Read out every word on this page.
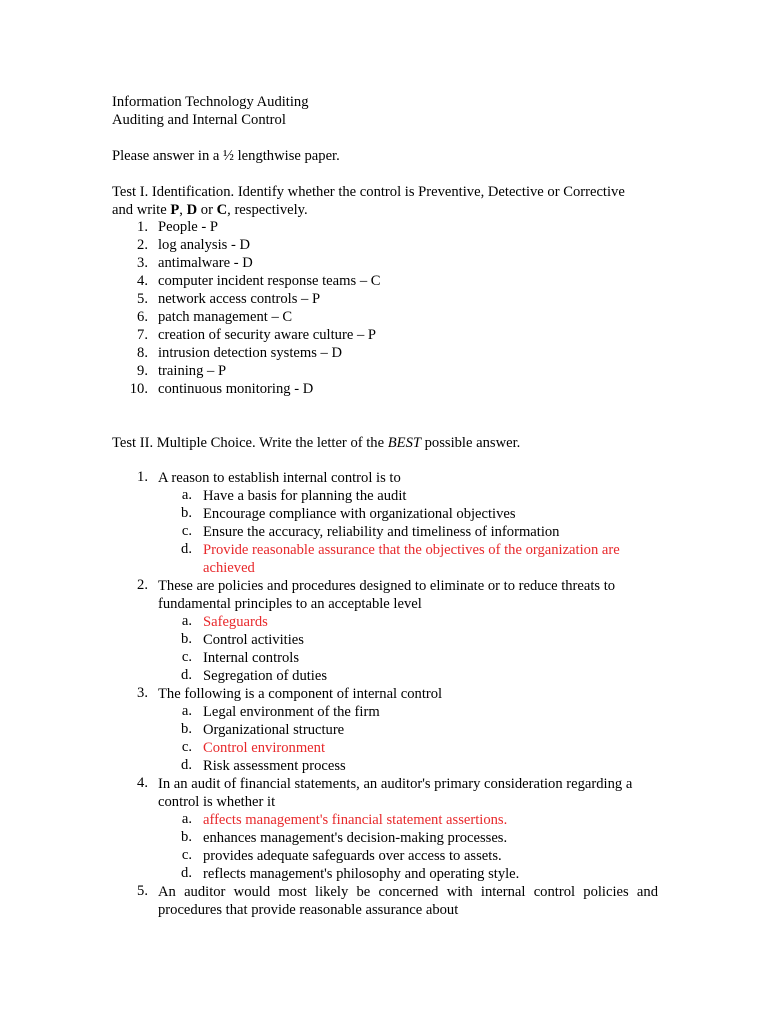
Information Technology Auditing
Auditing and Internal Control
Please answer in a ½ lengthwise paper.
Test I. Identification. Identify whether the control is Preventive, Detective or Corrective
and write P, D or C, respectively.
1. People - P
2. log analysis - D
3. antimalware - D
4. computer incident response teams – C
5. network access controls – P
6. patch management – C
7. creation of security aware culture – P
8. intrusion detection systems – D
9. training – P
10. continuous monitoring - D
Test II. Multiple Choice. Write the letter of the BEST possible answer.
1. A reason to establish internal control is to
a. Have a basis for planning the audit
b. Encourage compliance with organizational objectives
c. Ensure the accuracy, reliability and timeliness of information
d. Provide reasonable assurance that the objectives of the organization are achieved
2. These are policies and procedures designed to eliminate or to reduce threats to fundamental principles to an acceptable level
a. Safeguards
b. Control activities
c. Internal controls
d. Segregation of duties
3. The following is a component of internal control
a. Legal environment of the firm
b. Organizational structure
c. Control environment
d. Risk assessment process
4. In an audit of financial statements, an auditor's primary consideration regarding a control is whether it
a. affects management's financial statement assertions.
b. enhances management's decision-making processes.
c. provides adequate safeguards over access to assets.
d. reflects management's philosophy and operating style.
5. An auditor would most likely be concerned with internal control policies and procedures that provide reasonable assurance about
